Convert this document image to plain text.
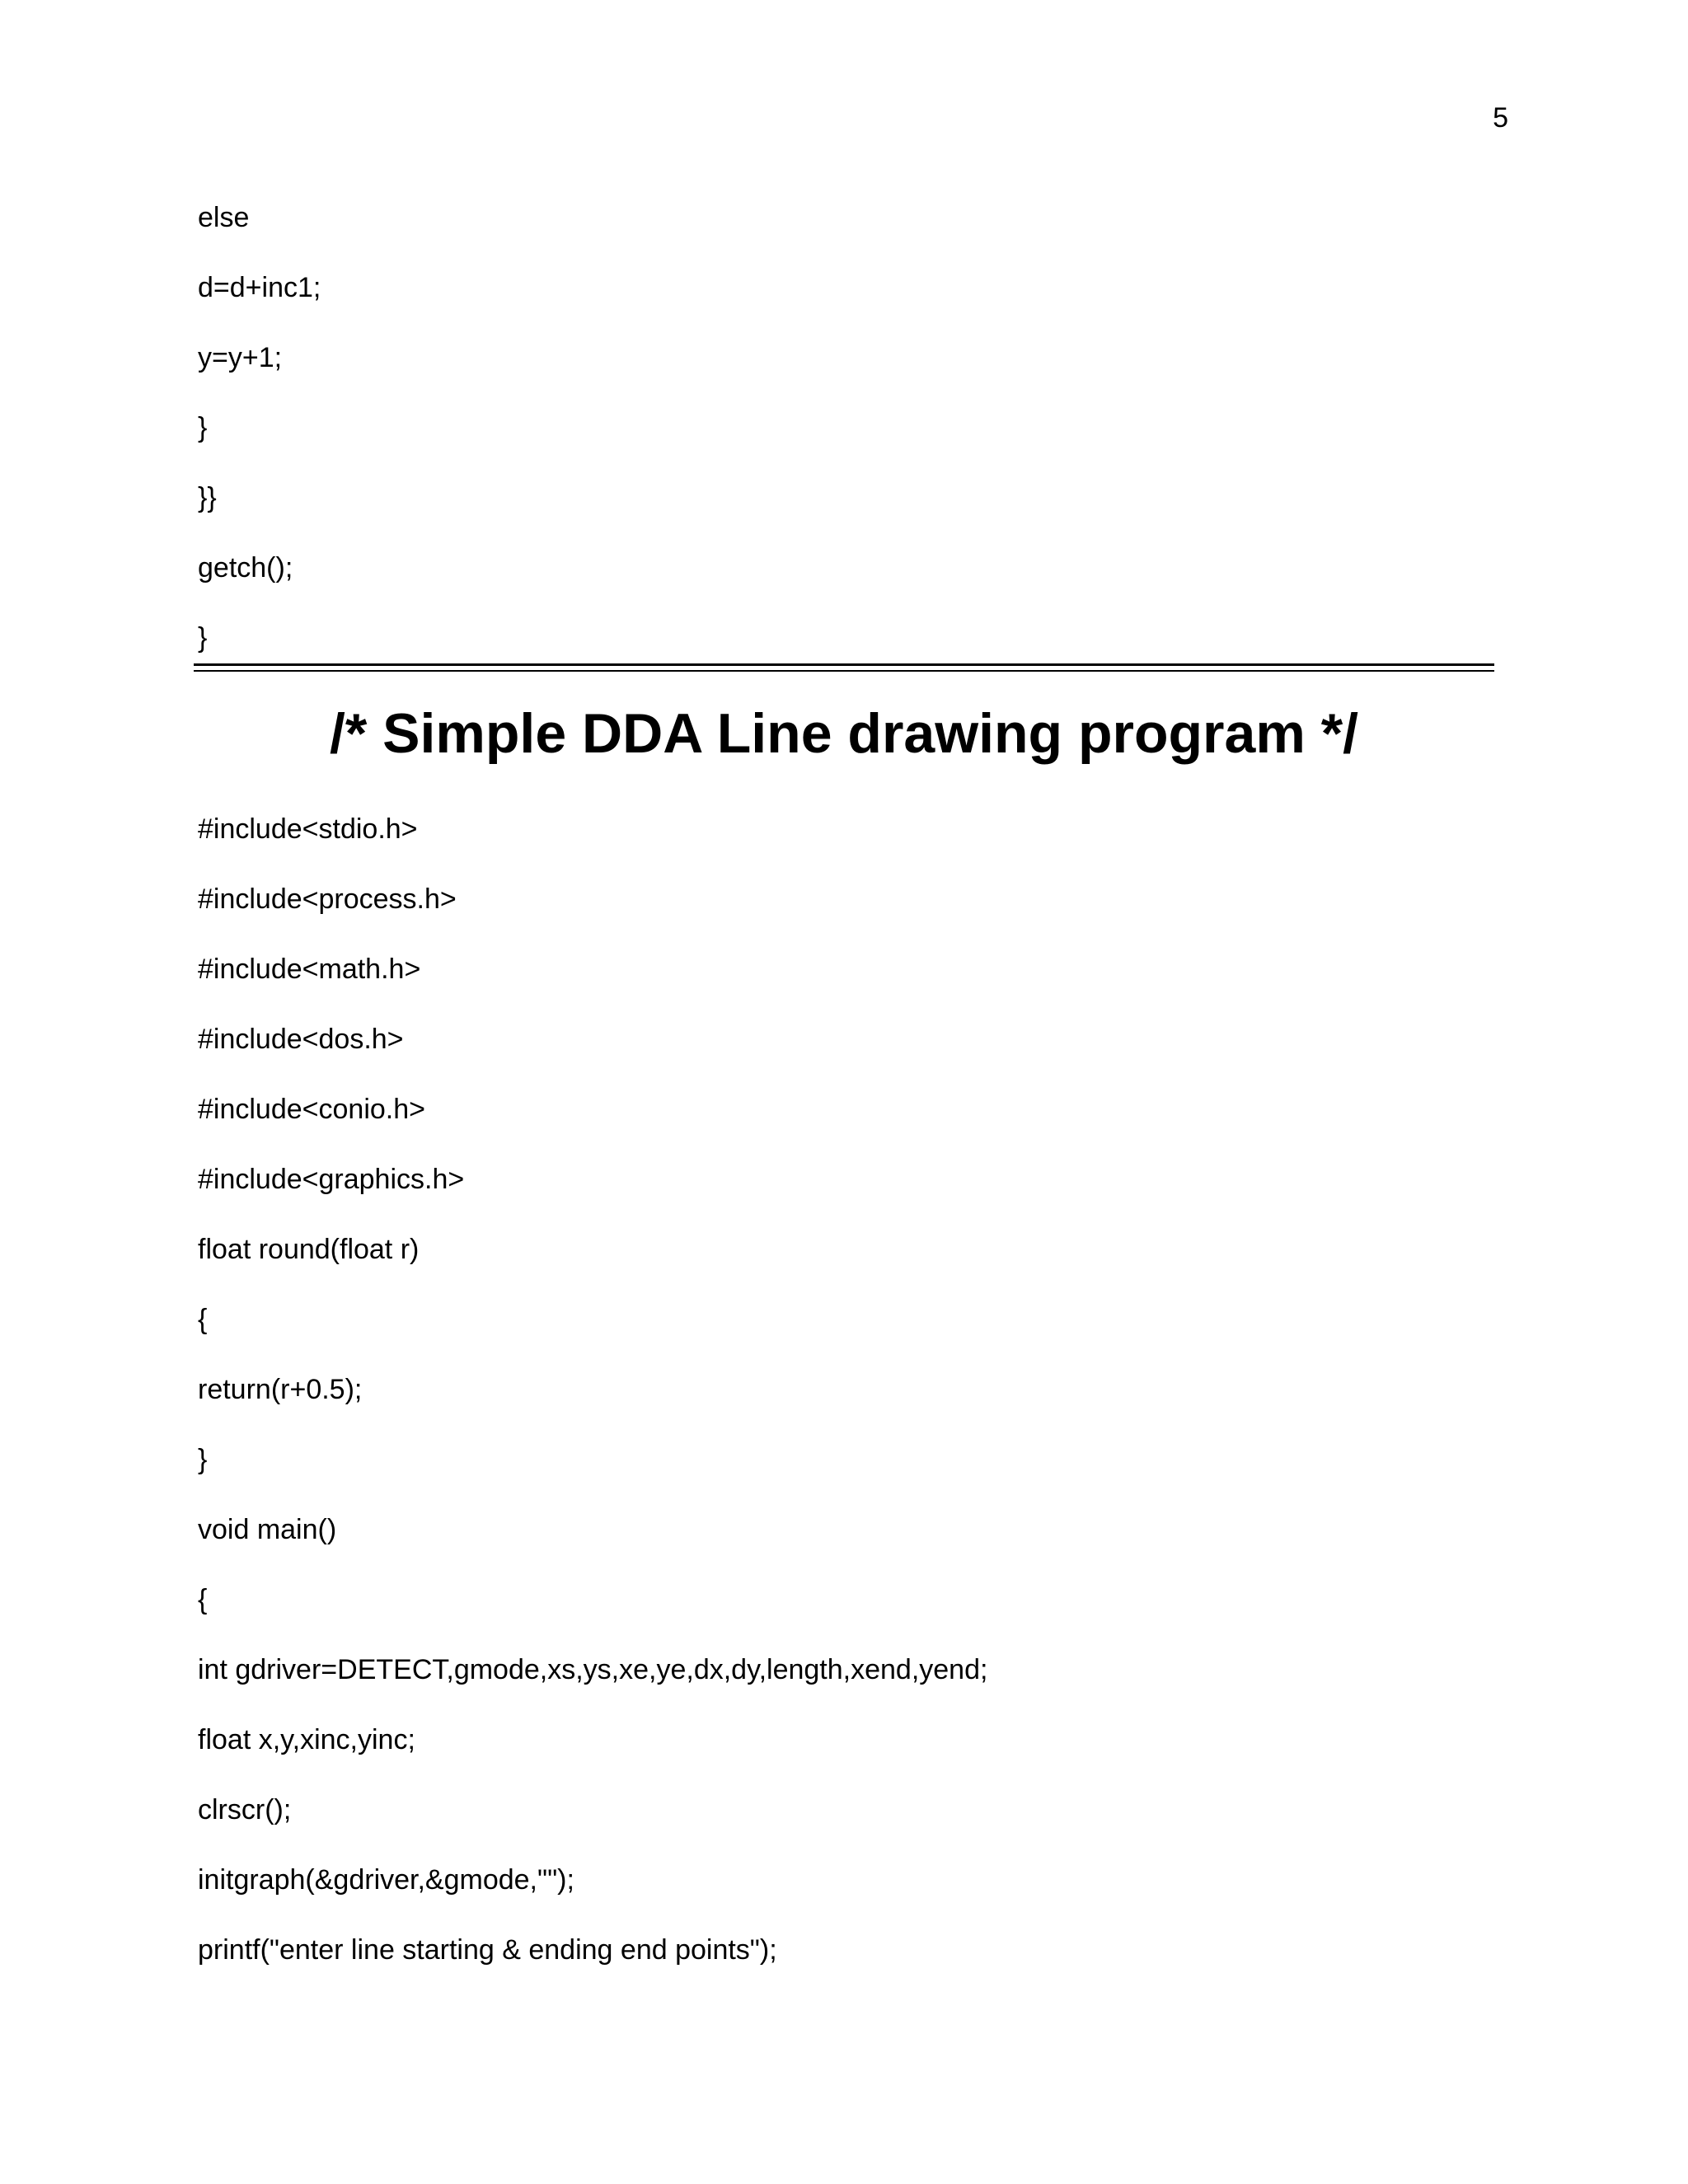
5
else
d=d+inc1;
y=y+1;
}
}}
getch();
}
/* Simple DDA Line drawing program */
#include<stdio.h>
#include<process.h>
#include<math.h>
#include<dos.h>
#include<conio.h>
#include<graphics.h>
float round(float r)
{
return(r+0.5);
}
void main()
{
int gdriver=DETECT,gmode,xs,ys,xe,ye,dx,dy,length,xend,yend;
float x,y,xinc,yinc;
clrscr();
initgraph(&gdriver,&gmode,"");
printf("enter line starting & ending end points");
